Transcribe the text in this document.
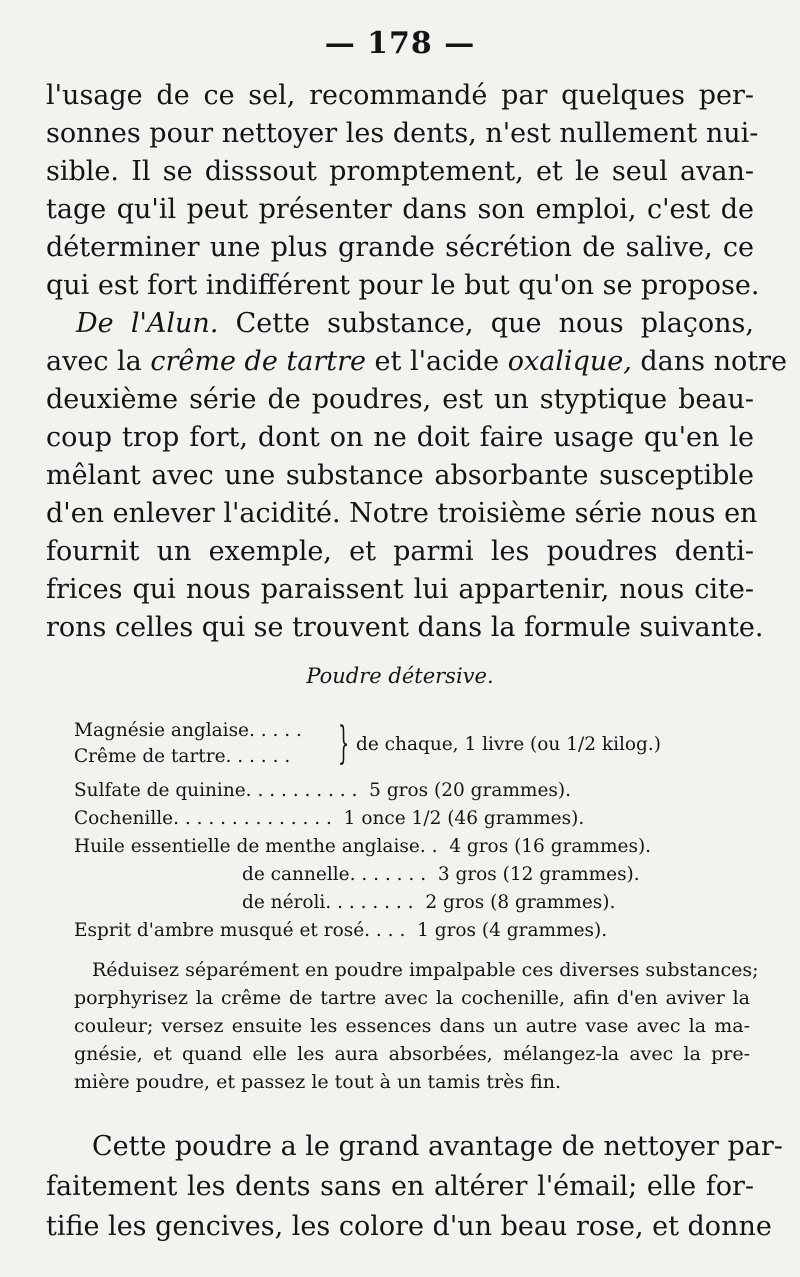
— 178 —
l'usage de ce sel, recommandé par quelques per-
sonnes pour nettoyer les dents, n'est nullement nui-
sible. Il se disssout promptement, et le seul avan-
tage qu'il peut présenter dans son emploi, c'est de
déterminer une plus grande sécrétion de salive, ce
qui est fort indifférent pour le but qu'on se propose.
De l'Alun. Cette substance, que nous plaçons,
avec la crême de tartre et l'acide oxalique, dans notre
deuxième série de poudres, est un styptique beau-
coup trop fort, dont on ne doit faire usage qu'en le
mêlant avec une substance absorbante susceptible
d'en enlever l'acidité. Notre troisième série nous en
fournit un exemple, et parmi les poudres denti-
frices qui nous paraissent lui appartenir, nous cite-
rons celles qui se trouvent dans la formule suivante.
Poudre détersive.
Magnésie anglaise. . . . .
Crême de tartre. . . . . . } de chaque, 1 livre (ou 1/2 kilog.)
Sulfate de quinine. . . . . . . . . .  5 gros (20 grammes).
Cochenille. . . . . . . . . . . . . .  1 once 1/2 (46 grammes).
Huile essentielle de menthe anglaise. .  4 gros (16 grammes).
de cannelle. . . . . . .  3 gros (12 grammes).
de néroli. . . . . . . .  2 gros (8 grammes).
Esprit d'ambre musqué et rosé. . . .  1 gros (4 grammes).
Réduisez séparément en poudre impalpable ces diverses substances;
porphyrisez la crême de tartre avec la cochenille, afin d'en aviver la
couleur; versez ensuite les essences dans un autre vase avec la ma-
gnésie, et quand elle les aura absorbées, mélangez-la avec la pre-
mière poudre, et passez le tout à un tamis très fin.
Cette poudre a le grand avantage de nettoyer par-
faitement les dents sans en altérer l'émail; elle for-
tifie les gencives, les colore d'un beau rose, et donne
